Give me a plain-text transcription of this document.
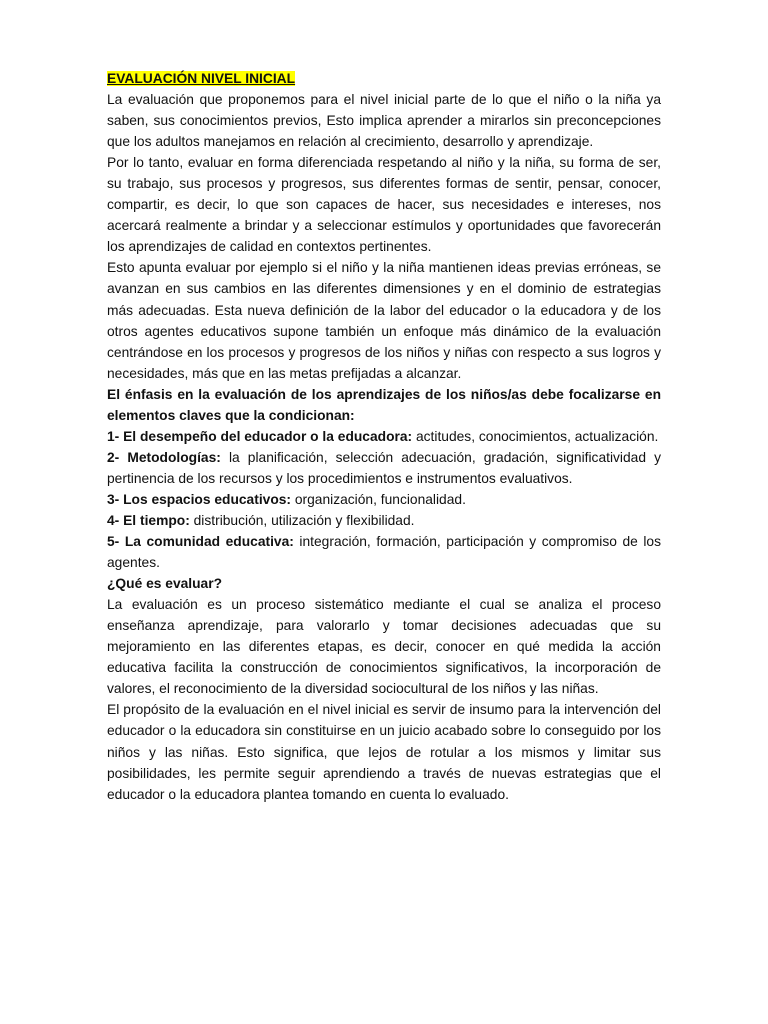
EVALUACIÓN NIVEL INICIAL

La evaluación que proponemos para el nivel inicial parte de lo que el niño o la niña ya saben, sus conocimientos previos, Esto implica aprender a mirarlos sin preconcepciones que los adultos manejamos en relación al crecimiento, desarrollo y aprendizaje.

Por lo tanto, evaluar en forma diferenciada respetando al niño y la niña, su forma de ser, su trabajo, sus procesos y progresos, sus diferentes formas de sentir, pensar, conocer, compartir, es decir, lo que son capaces de hacer, sus necesidades e intereses, nos acercará realmente a brindar y a seleccionar estímulos y oportunidades que favorecerán los aprendizajes de calidad en contextos pertinentes.

Esto apunta evaluar por ejemplo si el niño y la niña mantienen ideas previas erróneas, se avanzan en sus cambios en las diferentes dimensiones y en el dominio de estrategias más adecuadas. Esta nueva definición de la labor del educador o la educadora y de los otros agentes educativos supone también un enfoque más dinámico de la evaluación centrándose en los procesos y progresos de los niños y niñas con respecto a sus logros y necesidades, más que en las metas prefijadas a alcanzar.

El énfasis en la evaluación de los aprendizajes de los niños/as debe focalizarse en elementos claves que la condicionan:

1- El desempeño del educador o la educadora: actitudes, conocimientos, actualización.

2- Metodologías: la planificación, selección adecuación, gradación, significatividad y pertinencia de los recursos y los procedimientos e instrumentos evaluativos.

3- Los espacios educativos: organización, funcionalidad.

4- El tiempo: distribución, utilización y flexibilidad.

5- La comunidad educativa: integración, formación, participación y compromiso de los agentes.

¿Qué es evaluar?

La evaluación es un proceso sistemático mediante el cual se analiza el proceso enseñanza aprendizaje, para valorarlo y tomar decisiones adecuadas que su mejoramiento en las diferentes etapas, es decir, conocer en qué medida la acción educativa facilita la construcción de conocimientos significativos, la incorporación de valores, el reconocimiento de la diversidad sociocultural de los niños y las niñas.

El propósito de la evaluación en el nivel inicial es servir de insumo para la intervención del educador o la educadora sin constituirse en un juicio acabado sobre lo conseguido por los niños y las niñas. Esto significa, que lejos de rotular a los mismos y limitar sus posibilidades, les permite seguir aprendiendo a través de nuevas estrategias que el educador o la educadora plantea tomando en cuenta lo evaluado.
